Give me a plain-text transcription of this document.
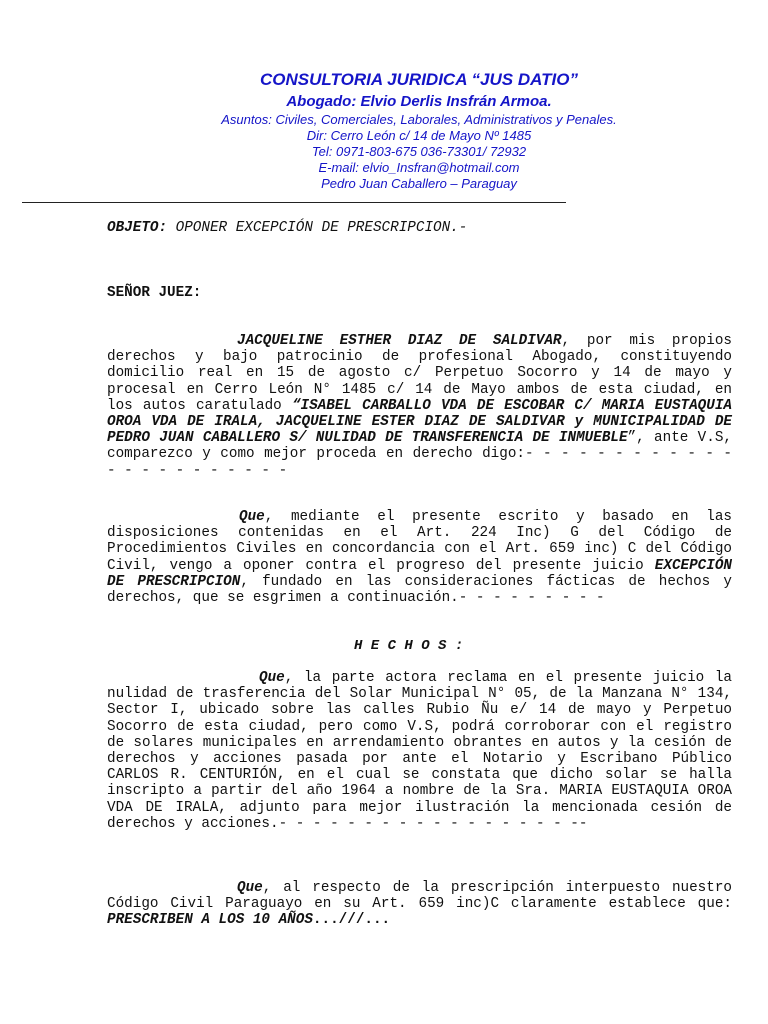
CONSULTORIA JURIDICA “JUS DATIO”
Abogado: Elvio Derlis Insfrán Armoa.
Asuntos: Civiles, Comerciales, Laborales, Administrativos y Penales.
Dir: Cerro León c/ 14 de Mayo Nº 1485
Tel: 0971-803-675 036-73301/ 72932
E-mail: elvio_Insfran@hotmail.com
Pedro Juan Caballero – Paraguay

OBJETO: OPONER EXCEPCIÓN DE PRESCRIPCION.-

SEÑOR JUEZ:

JACQUELINE ESTHER DIAZ DE SALDIVAR, por mis propios derechos y bajo patrocinio de profesional Abogado, constituyendo domicilio real en 15 de agosto c/ Perpetuo Socorro y 14 de mayo y procesal en Cerro León N° 1485 c/ 14 de Mayo ambos de esta ciudad, en los autos caratulado “ISABEL CARBALLO VDA DE ESCOBAR C/ MARIA EUSTAQUIA OROA VDA DE IRALA, JACQUELINE ESTER DIAZ DE SALDIVAR y MUNICIPALIDAD DE PEDRO JUAN CABALLERO S/ NULIDAD DE TRANSFERENCIA DE INMUEBLE”, ante V.S, comparezco y como mejor proceda en derecho digo:- - - - - - - - - - - - - - - - - - - - - - -

Que, mediante el presente escrito y basado en las disposiciones contenidas en el Art. 224 Inc) G del Código de Procedimientos Civiles en concordancia con el Art. 659 inc) C del Código Civil, vengo a oponer contra el progreso del presente juicio EXCEPCIÓN DE PRESCRIPCION, fundado en las consideraciones fácticas de hechos y derechos, que se esgrimen a continuación.- - - - - - - - -

H E C H O S :

Que, la parte actora reclama en el presente juicio la nulidad de trasferencia del Solar Municipal N° 05, de la Manzana N° 134, Sector I, ubicado sobre las calles Rubio Ñu e/ 14 de mayo y Perpetuo Socorro de esta ciudad, pero como V.S, podrá corroborar con el registro de solares municipales en arrendamiento obrantes en autos y la cesión de derechos y acciones pasada por ante el Notario y Escribano Público CARLOS R. CENTURIÓN, en el cual se constata que dicho solar se halla inscripto a partir del año 1964 a nombre de la Sra. MARIA EUSTAQUIA OROA VDA DE IRALA, adjunto para mejor ilustración la mencionada cesión de derechos y acciones.- - - - - - - - - - - - - - - - - --

Que, al respecto de la prescripción interpuesto nuestro Código Civil Paraguayo en su Art. 659 inc)C claramente establece que: PRESCRIBEN A LOS 10 AÑOS...///...
